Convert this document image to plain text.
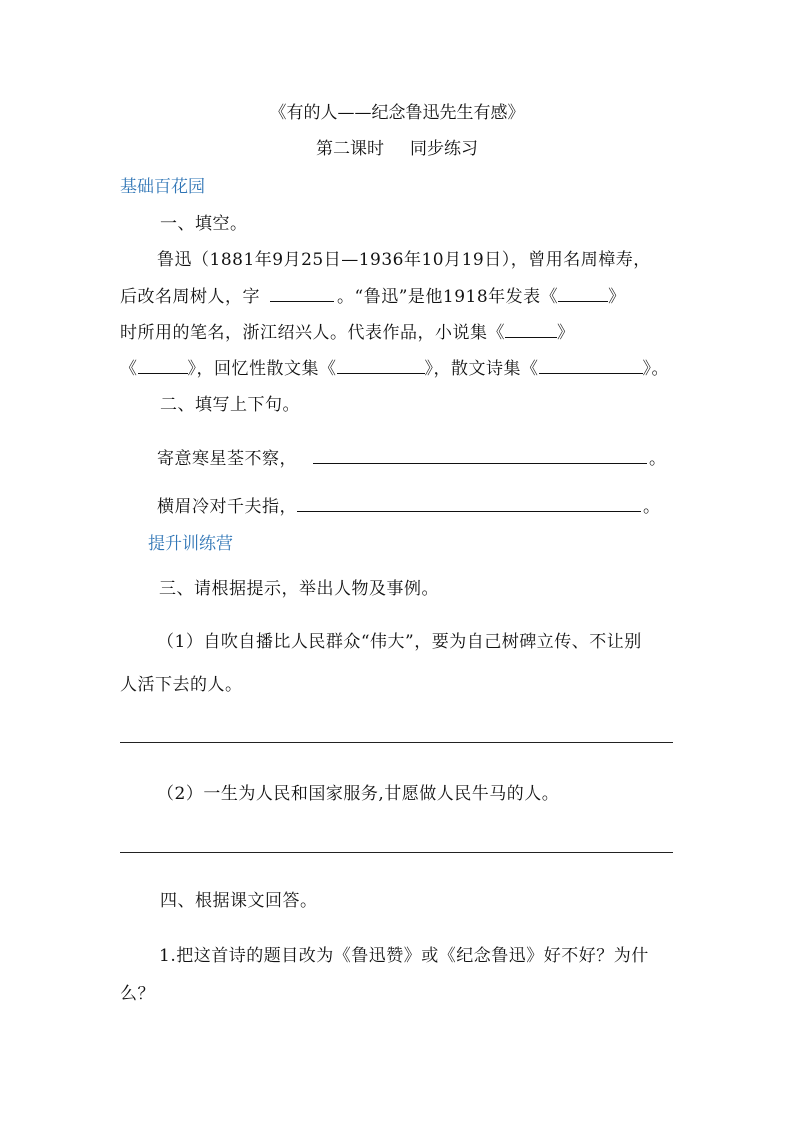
《有的人——纪念鲁迅先生有感》
第二课时 同步练习
基础百花园
一、填空。
鲁迅（1881年9月25日—1936年10月19日），曾用名周樟寿，
后改名周树人，字	。“鲁迅”是他1918年发表《	》
时所用的笔名，浙江绍兴人。代表作品，小说集《	》
《	》，回忆性散文集《	》，散文诗集《	》。
二、填写上下句。
寄意寒星荃不察，	。
横眉冷对千夫指，	。
提升训练营
三、请根据提示，举出人物及事例。
（1）自吹自播比人民群众“伟大”，要为自己树碑立传、不让别
人活下去的人。
（2）一生为人民和国家服务,甘愿做人民牛马的人。
四、根据课文回答。
1.把这首诗的题目改为《鲁迅赞》或《纪念鲁迅》好不好？为什
么？
